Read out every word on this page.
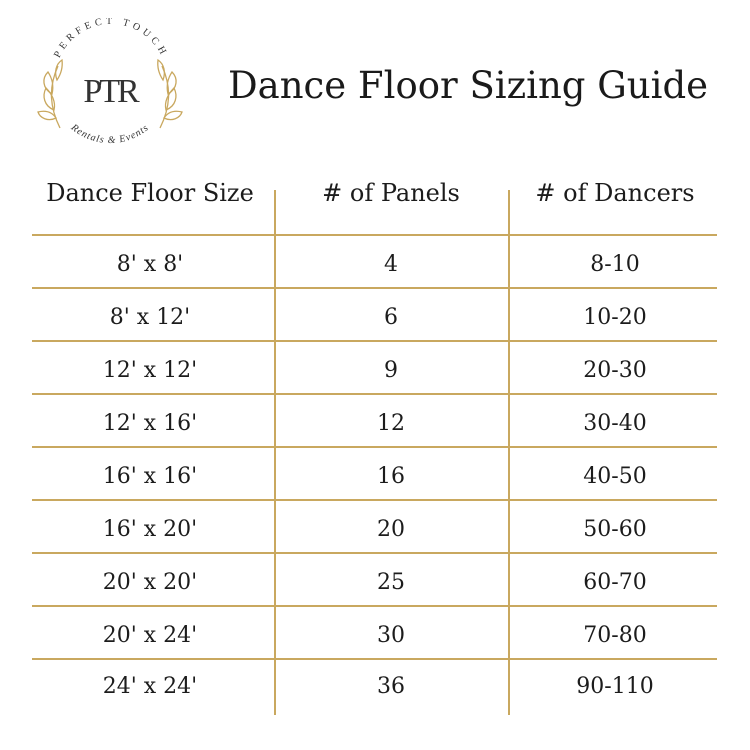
PERFECT TOUCH
PTR
Rentals & Events
Dance Floor Sizing Guide
Dance Floor Size	# of Panels	# of Dancers
8' x 8'	4	8-10
8' x 12'	6	10-20
12' x 12'	9	20-30
12' x 16'	12	30-40
16' x 16'	16	40-50
16' x 20'	20	50-60
20' x 20'	25	60-70
20' x 24'	30	70-80
24' x 24'	36	90-110
